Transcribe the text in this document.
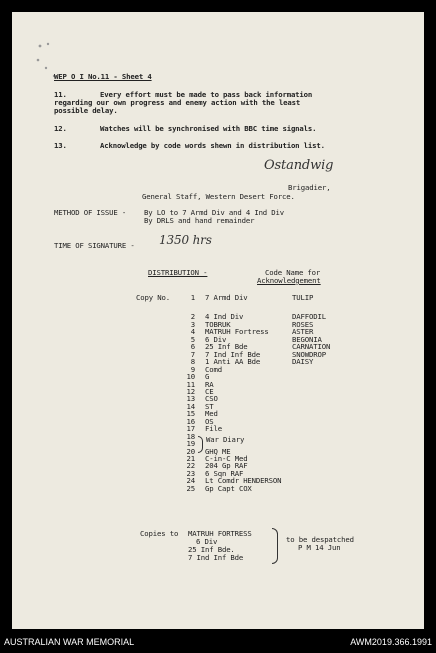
WEP O I No.11 - Sheet 4
11.	Every effort must be made to pass back information
regarding our own progress and enemy action with the least
possible delay.
12.	Watches will be synchronised with BBC time signals.
13.	Acknowledge by code words shewn in distribution list.
Ostandwig
Brigadier,
General Staff, Western Desert Force.
METHOD OF ISSUE - By LO to 7 Armd Div and 4 Ind Div
By DRLS and hand remainder
TIME OF SIGNATURE - 1350 hrs
DISTRIBUTION -	Code Name for
Acknowledgement
Copy No.	1 7 Armd Div	TULIP
2 4 Ind Div	DAFFODIL
3 TOBRUK	ROSES
4 MATRUH Fortress	ASTER
5 6 Div	BEGONIA
6 25 Inf Bde	CARNATION
7 7 Ind Inf Bde	SNOWDROP
8 1 Anti AA Bde	DAISY
9 Comd
10 G
11 RA
12 CE
13 CSO
14 ST
15 Med
16 OS
17 File
18
19 War Diary
20 GHQ ME
21 C-in-C Med
22 204 Gp RAF
23 6 Sqn RAF
24 Lt Comdr HENDERSON
25 Gp Capt COX
Copies to MATRUH FORTRESS
6 Div
25 Inf Bde.
7 Ind Inf Bde
to be despatched
P M 14 Jun
AUSTRALIAN WAR MEMORIAL	AWM2019.366.1991
